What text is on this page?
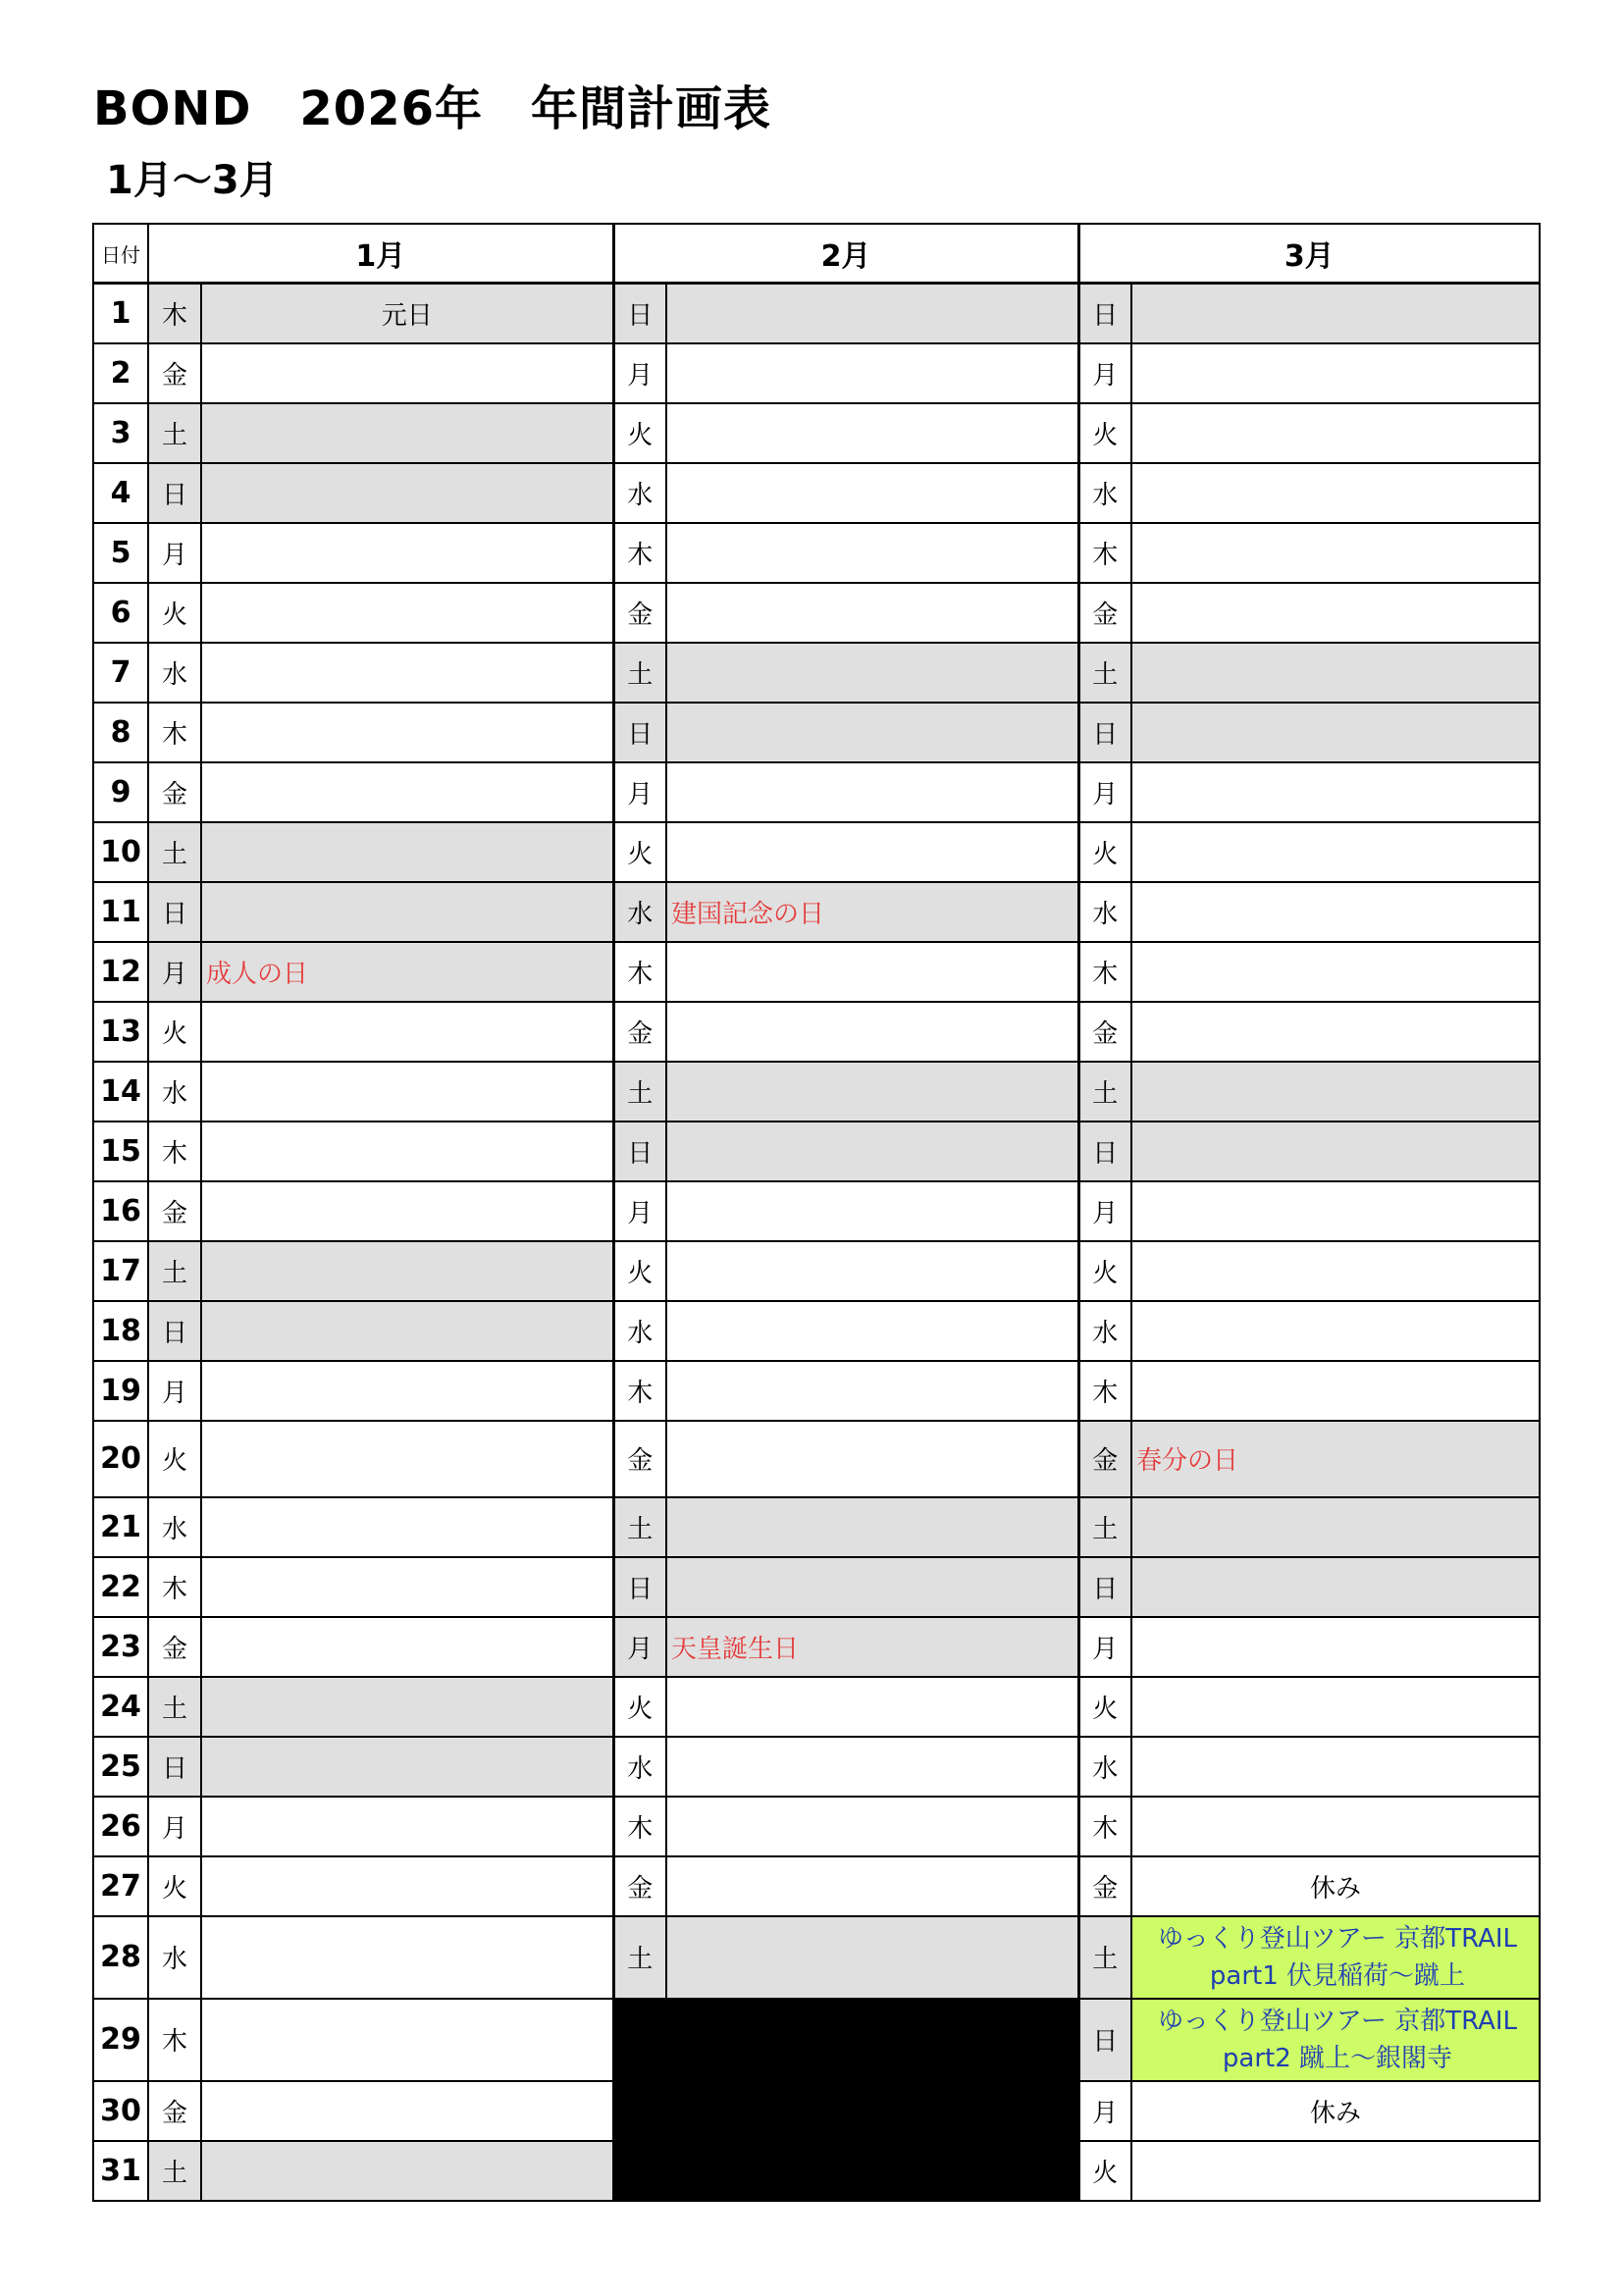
BOND　2026年　年間計画表
1月〜3月
日付	1月		2月		3月	
1	木	元日	日		日	
2	金		月		月	
3	土		火		火	
4	日		水		水	
5	月		木		木	
6	火		金		金	
7	水		土		土	
8	木		日		日	
9	金		月		月	
10	土		火		火	
11	日		水	建国記念の日	水	
12	月	成人の日	木		木	
13	火		金		金	
14	水		土		土	
15	木		日		日	
16	金		月		月	
17	土		火		火	
18	日		水		水	
19	月		木		木	
20	火		金		金	春分の日
21	水		土		土	
22	木		日		日	
23	金		月	天皇誕生日	月	
24	土		火		火	
25	日		水		水	
26	月		木		木	
27	火		金		金	休み
28	水		土		土	ゆっくり登山ツアー 京都TRAIL part1 伏見稲荷〜蹴上
29	木				日	ゆっくり登山ツアー 京都TRAIL part2 蹴上〜銀閣寺
30	金				月	休み
31	土				火	
